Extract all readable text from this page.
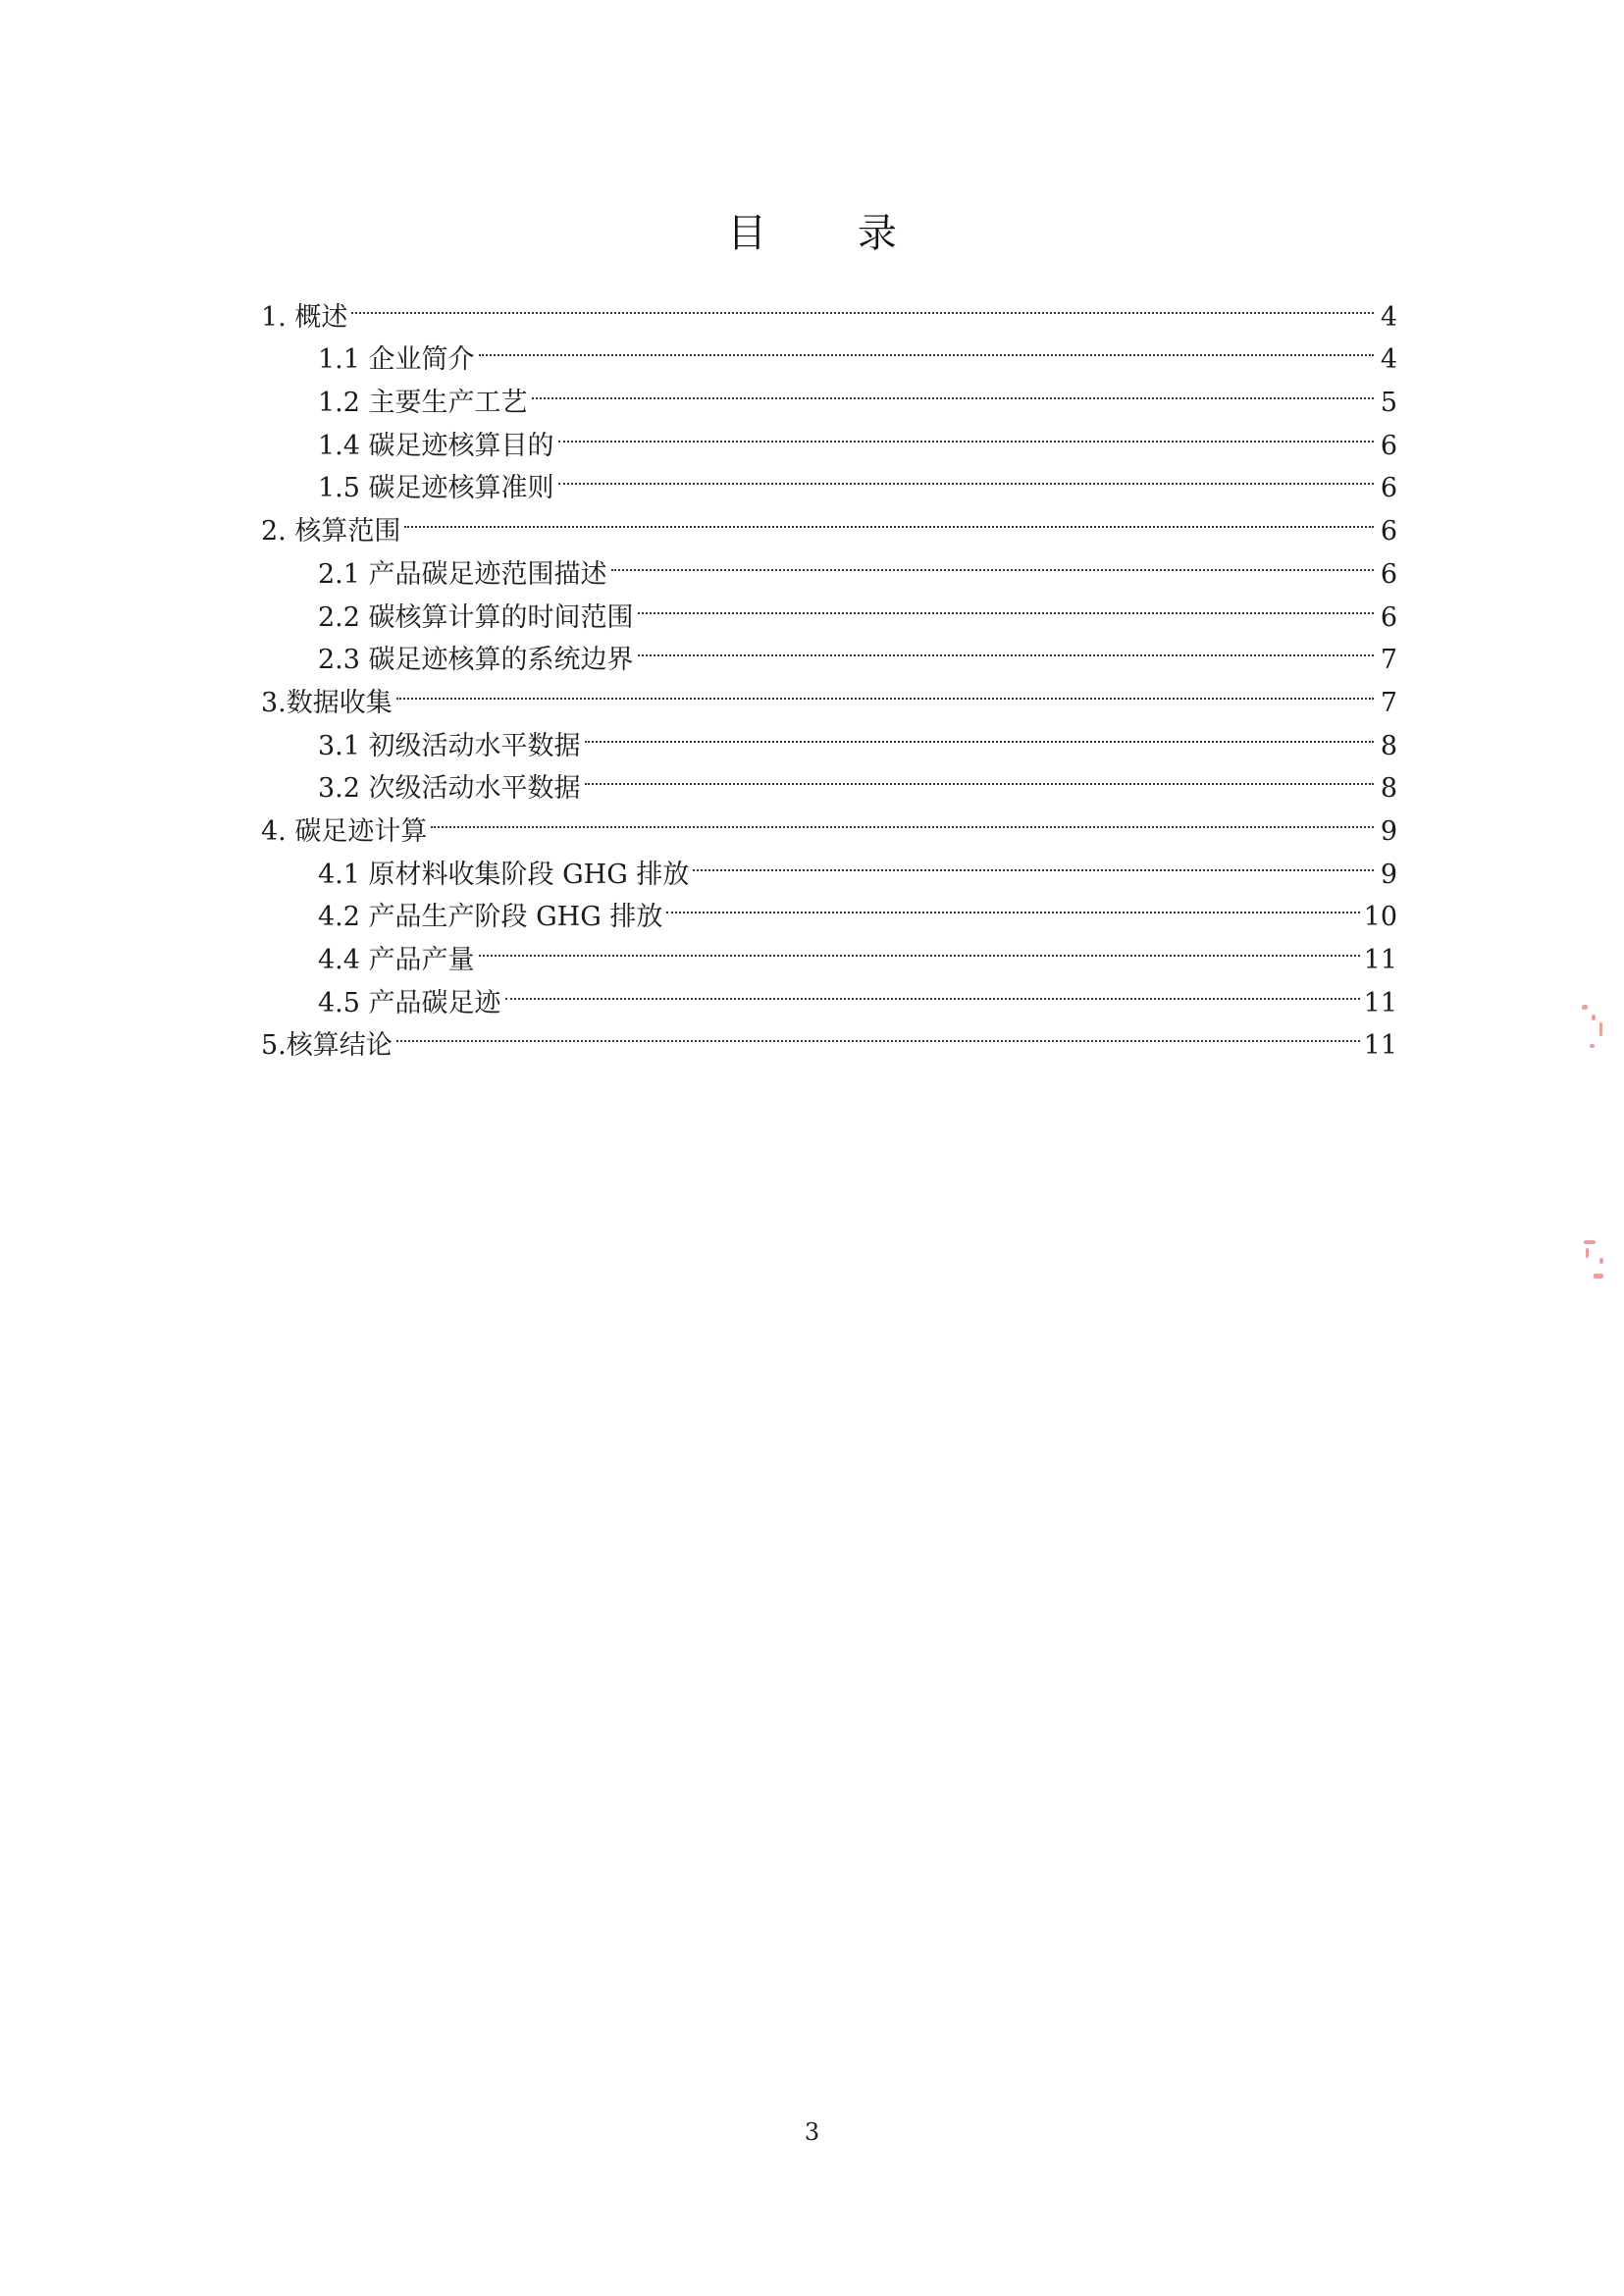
目 录
1. 概述	4
1.1 企业简介	4
1.2 主要生产工艺	5
1.4 碳足迹核算目的	6
1.5 碳足迹核算准则	6
2. 核算范围	6
2.1 产品碳足迹范围描述	6
2.2 碳核算计算的时间范围	6
2.3 碳足迹核算的系统边界	7
3.数据收集	7
3.1 初级活动水平数据	8
3.2 次级活动水平数据	8
4. 碳足迹计算	9
4.1 原材料收集阶段 GHG 排放	9
4.2 产品生产阶段 GHG 排放	10
4.4 产品产量	11
4.5 产品碳足迹	11
5.核算结论	11
3
